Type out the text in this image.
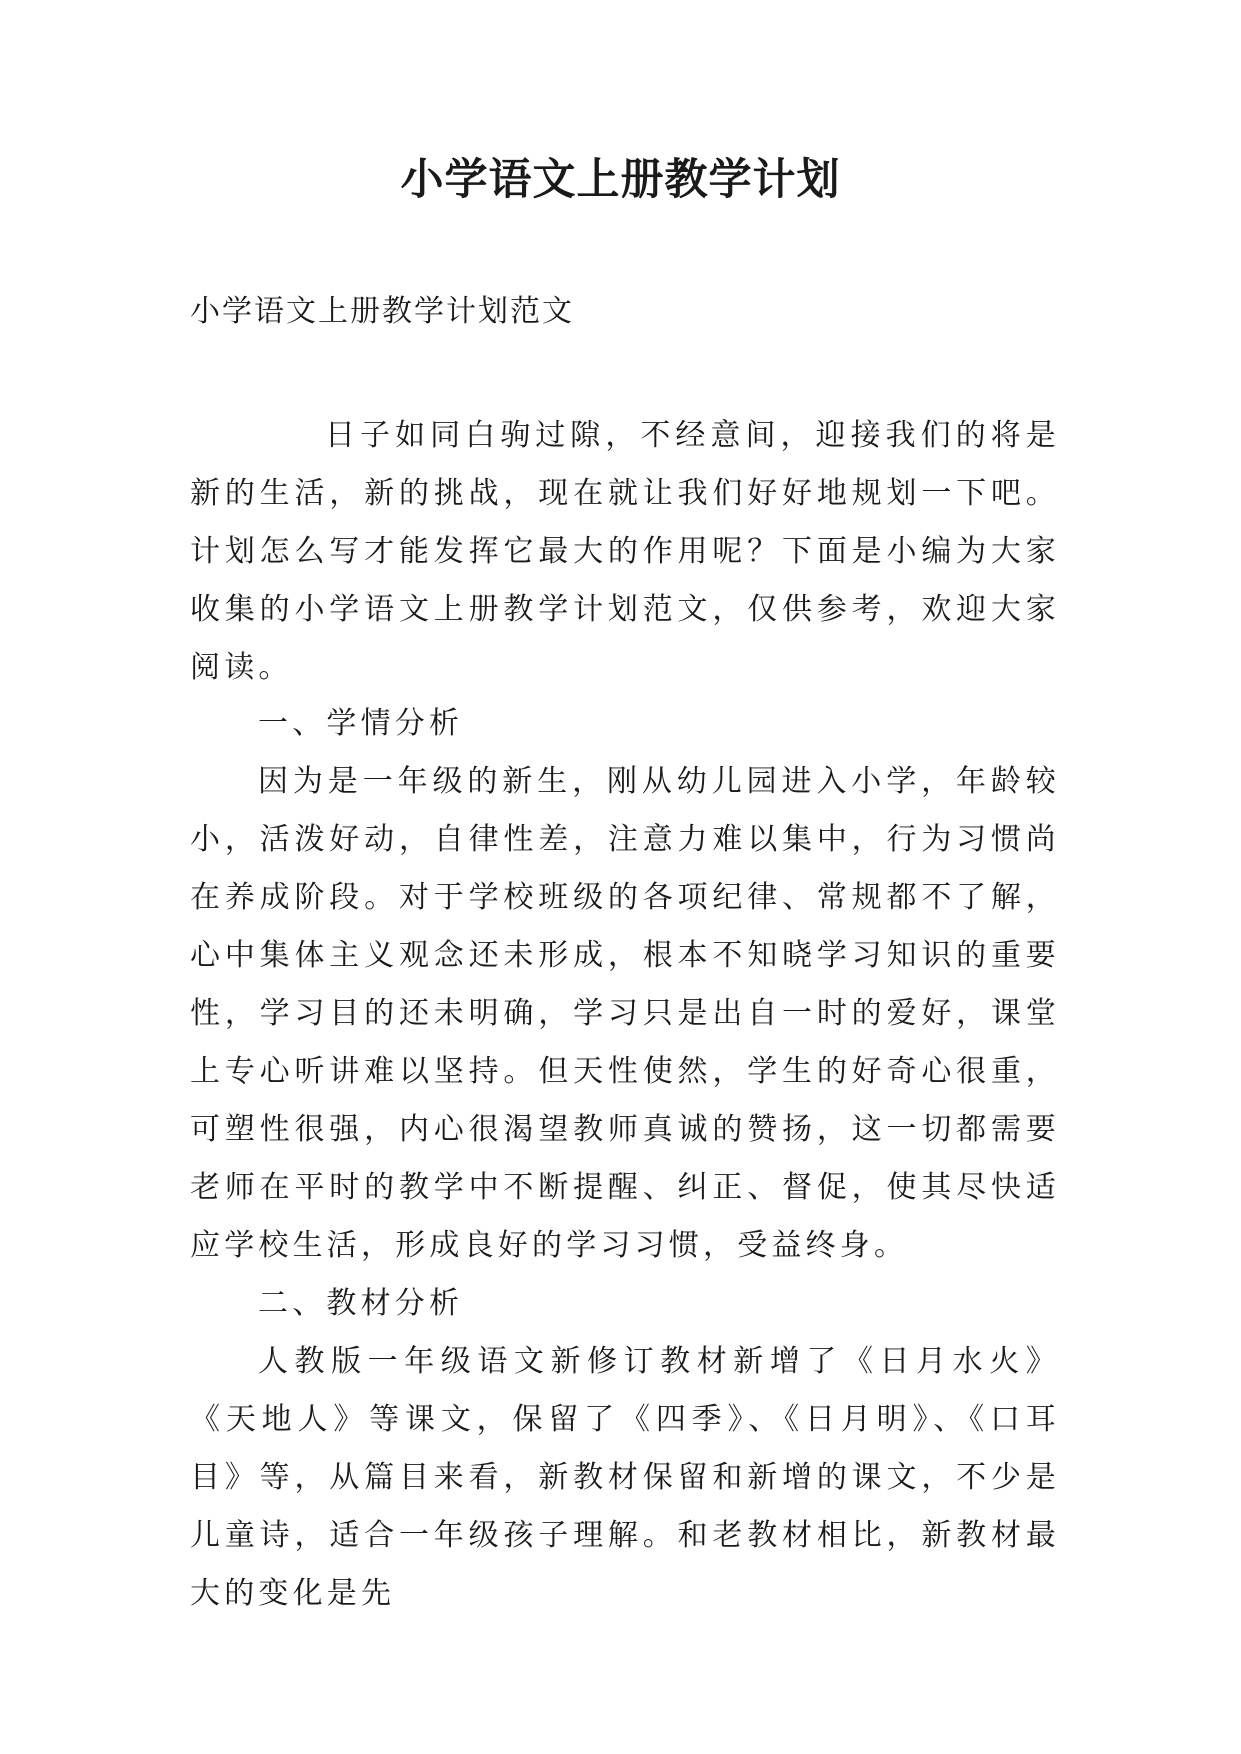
小学语文上册教学计划

小学语文上册教学计划范文

日子如同白驹过隙，不经意间，迎接我们的将是新的生活，新的挑战，现在就让我们好好地规划一下吧。计划怎么写才能发挥它最大的作用呢？下面是小编为大家收集的小学语文上册教学计划范文，仅供参考，欢迎大家阅读。

一、学情分析

因为是一年级的新生，刚从幼儿园进入小学，年龄较小，活泼好动，自律性差，注意力难以集中，行为习惯尚在养成阶段。对于学校班级的各项纪律、常规都不了解，心中集体主义观念还未形成，根本不知晓学习知识的重要性，学习目的还未明确，学习只是出自一时的爱好，课堂上专心听讲难以坚持。但天性使然，学生的好奇心很重，可塑性很强，内心很渴望教师真诚的赞扬，这一切都需要老师在平时的教学中不断提醒、纠正、督促，使其尽快适应学校生活，形成良好的学习习惯，受益终身。

二、教材分析

人教版一年级语文新修订教材新增了《日月水火》《天地人》等课文，保留了《四季》、《日月明》、《口耳目》等，从篇目来看，新教材保留和新增的课文，不少是儿童诗，适合一年级孩子理解。和老教材相比，新教材最大的变化是先
